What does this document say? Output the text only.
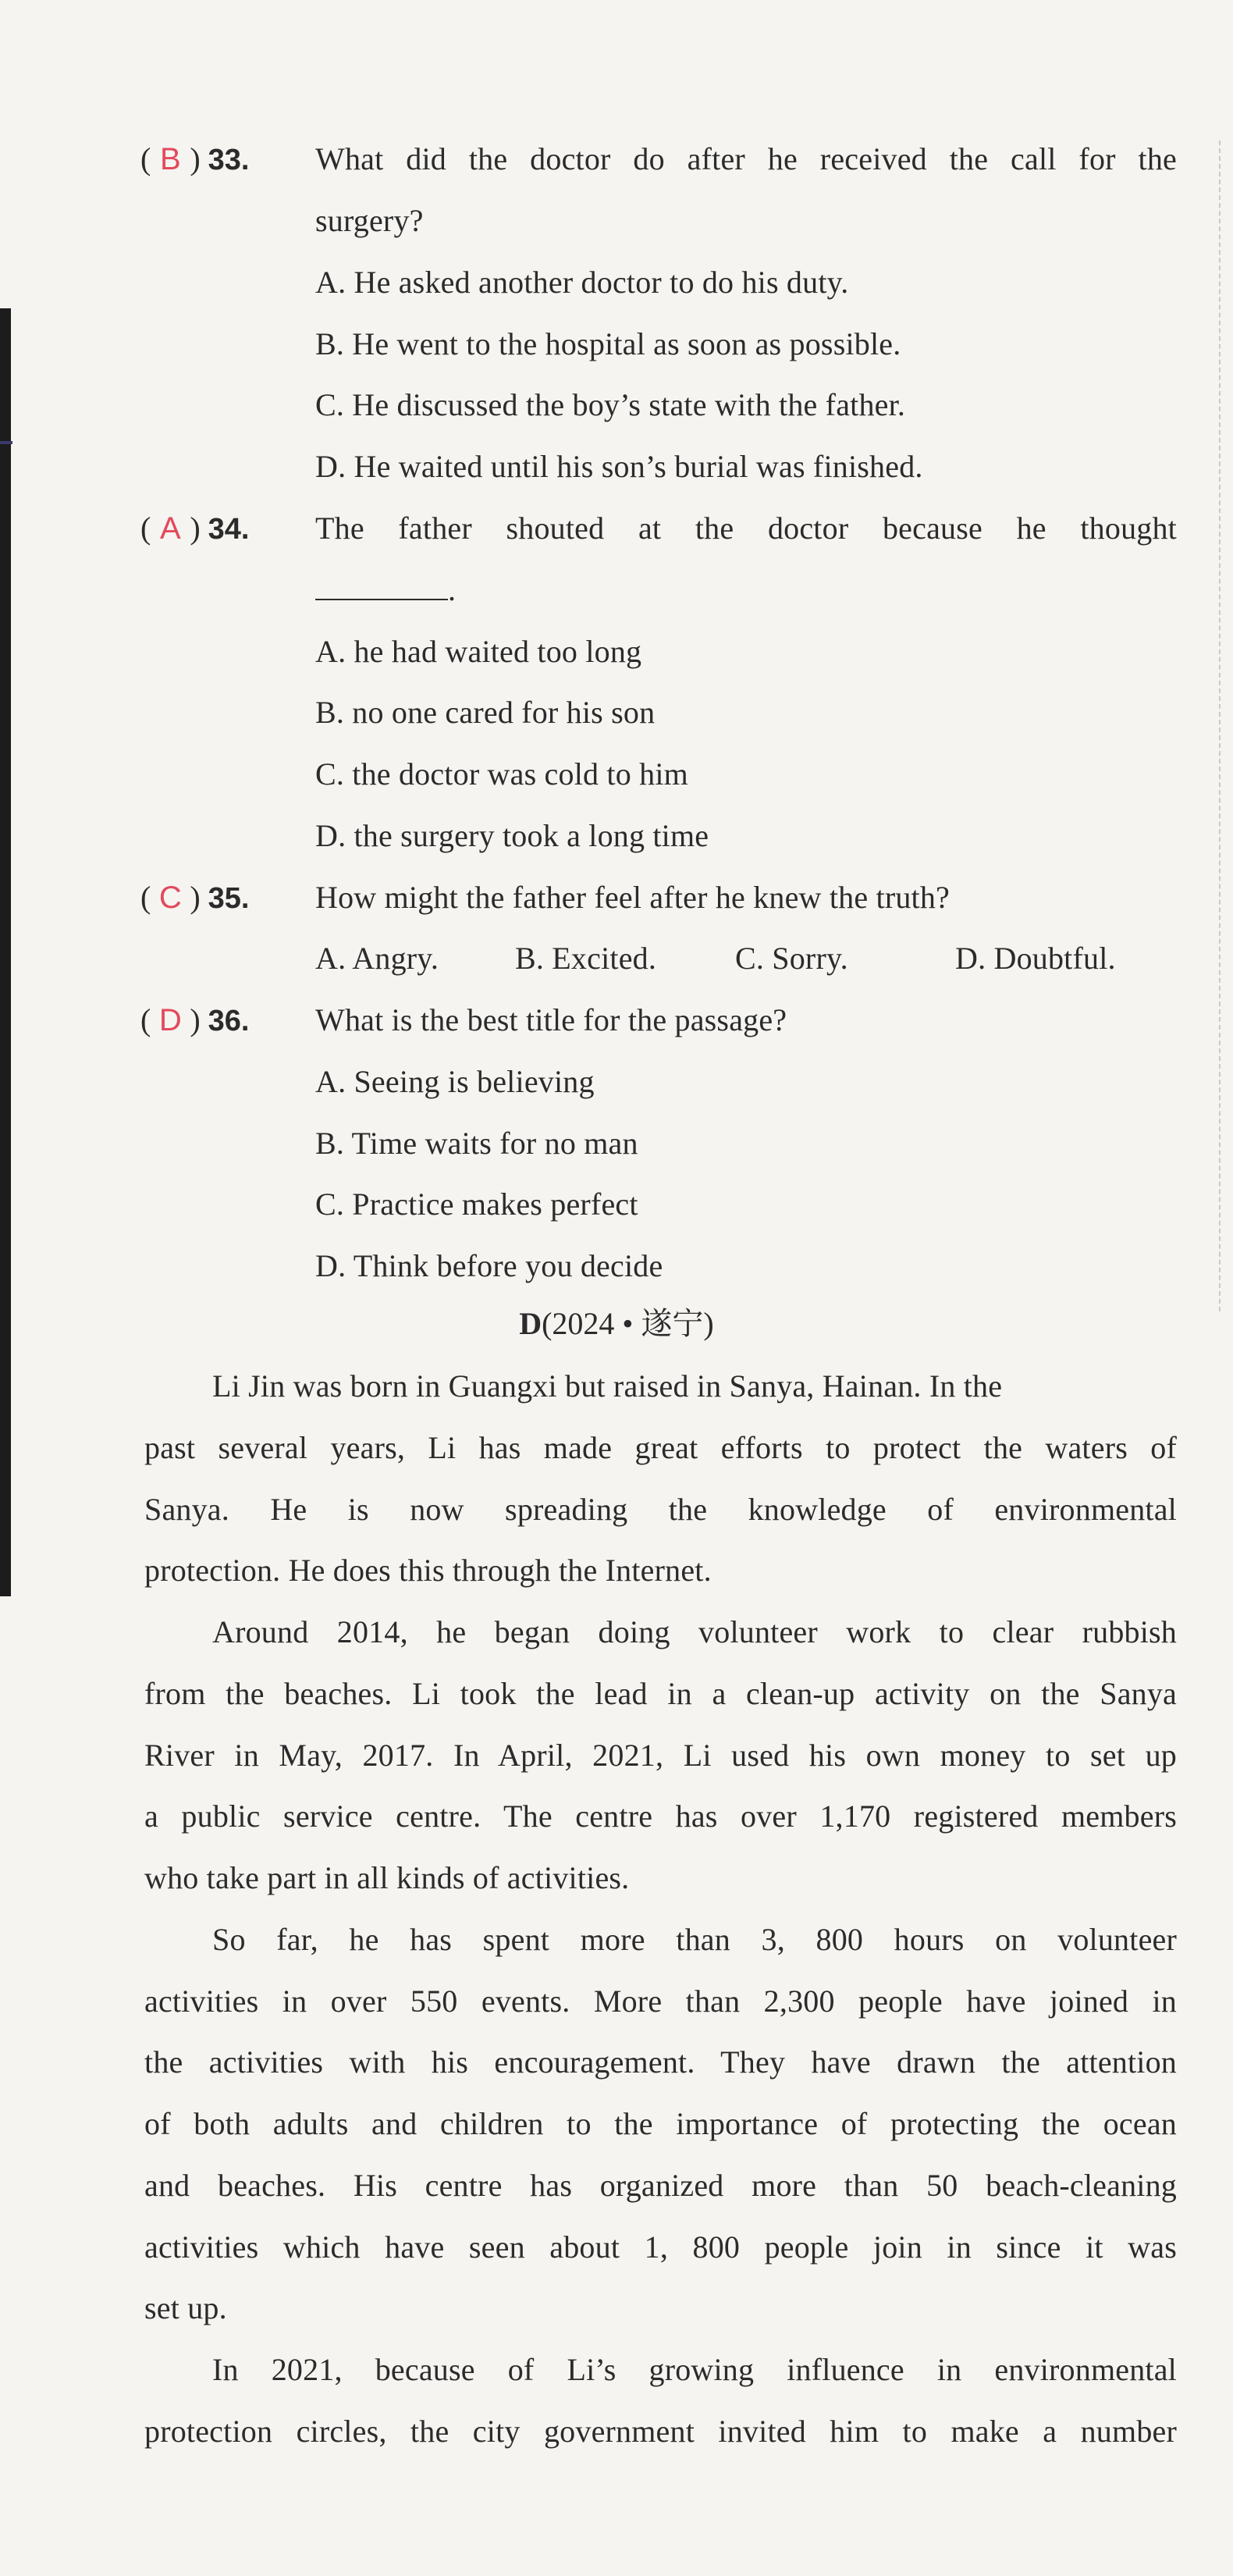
( B ) 33. What did the doctor do after he received the call for the
surgery?
A. He asked another doctor to do his duty.
B. He went to the hospital as soon as possible.
C. He discussed the boy’s state with the father.
D. He waited until his son’s burial was finished.
( A ) 34. The father shouted at the doctor because he thought
.
A. he had waited too long
B. no one cared for his son
C. the doctor was cold to him
D. the surgery took a long time
( C ) 35. How might the father feel after he knew the truth?
A. Angry. B. Excited.	C. Sorry.	D. Doubtful.
( D ) 36. What is the best title for the passage?
A. Seeing is believing
B. Time waits for no man
C. Practice makes perfect
D. Think before you decide
D(2024 • 遂宁)
Li Jin was born in Guangxi but raised in Sanya, Hainan. In the
past several years, Li has made great efforts to protect the waters of
Sanya. He is now spreading the knowledge of environmental
protection. He does this through the Internet.
Around 2014, he began doing volunteer work to clear rubbish
from the beaches. Li took the lead in a clean-up activity on the Sanya
River in May, 2017. In April, 2021, Li used his own money to set up
a public service centre. The centre has over 1,170 registered members
who take part in all kinds of activities.
So far, he has spent more than 3, 800 hours on volunteer
activities in over 550 events. More than 2,300 people have joined in
the activities with his encouragement. They have drawn the attention
of both adults and children to the importance of protecting the ocean
and beaches. His centre has organized more than 50 beach-cleaning
activities which have seen about 1, 800 people join in since it was
set up.
In 2021, because of Li’s growing influence in environmental
protection circles, the city government invited him to make a number
